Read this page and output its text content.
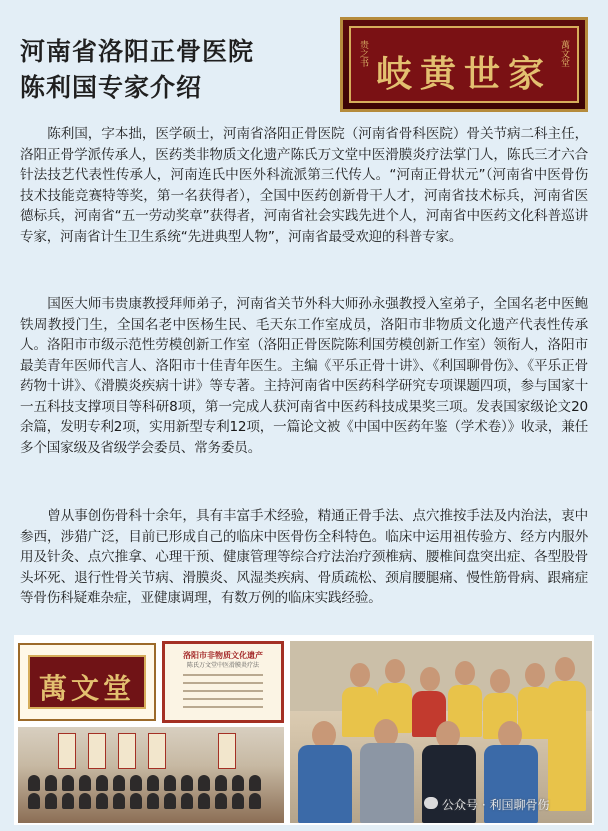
河南省洛阳正骨医院
陈利国专家介绍
萬文堂
岐黄世家
贵之书

陈利国，字本拙，医学硕士，河南省洛阳正骨医院（河南省骨科医院）骨关节病二科主任，洛阳正骨学派传承人，医药类非物质文化遗产陈氏万文堂中医滑膜炎疗法掌门人，陈氏三才六合针法技艺代表性传承人，河南连氏中医外科流派第三代传人。“河南正骨状元”（河南省中医骨伤技术技能竞赛特等奖，第一名获得者），全国中医药创新骨干人才，河南省技术标兵，河南省医德标兵，河南省“五一劳动奖章”获得者，河南省社会实践先进个人，河南省中医药文化科普巡讲专家，河南省计生卫生系统“先进典型人物”，河南省最受欢迎的科普专家。

国医大师韦贵康教授拜师弟子，河南省关节外科大师孙永强教授入室弟子，全国名老中医鲍铁周教授门生，全国名老中医杨生民、毛天东工作室成员，洛阳市非物质文化遗产代表性传承人。洛阳市市级示范性劳模创新工作室（洛阳正骨医院陈利国劳模创新工作室）领衔人，洛阳市最美青年医师代言人、洛阳市十佳青年医生。主编《平乐正骨十讲》、《利国聊骨伤》、《平乐正骨药物十讲》、《滑膜炎疾病十讲》等专著。主持河南省中医药科学研究专项课题四项，参与国家十一五科技支撑项目等科研8项，第一完成人获河南省中医药科技成果奖三项。发表国家级论文20余篇，发明专利2项，实用新型专利12项，一篇论文被《中国中医药年鉴（学术卷）》收录，兼任多个国家级及省级学会委员、常务委员。

曾从事创伤骨科十余年，具有丰富手术经验，精通正骨手法、点穴推按手法及内治法，衷中参西，涉猎广泛，目前已形成自己的临床中医骨伤全科特色。临床中运用祖传验方、经方内服外用及针灸、点穴推拿、心理干预、健康管理等综合疗法治疗颈椎病、腰椎间盘突出症、各型股骨头坏死、退行性骨关节病、滑膜炎、风湿类疾病、骨质疏松、颈肩腰腿痛、慢性筋骨病、跟痛症等骨伤科疑难杂症，亚健康调理，有数万例的临床实践经验。

萬文堂
洛阳市非物质文化遗产
陈氏万文堂中医滑膜炎疗法
公众号 · 利国聊骨伤
